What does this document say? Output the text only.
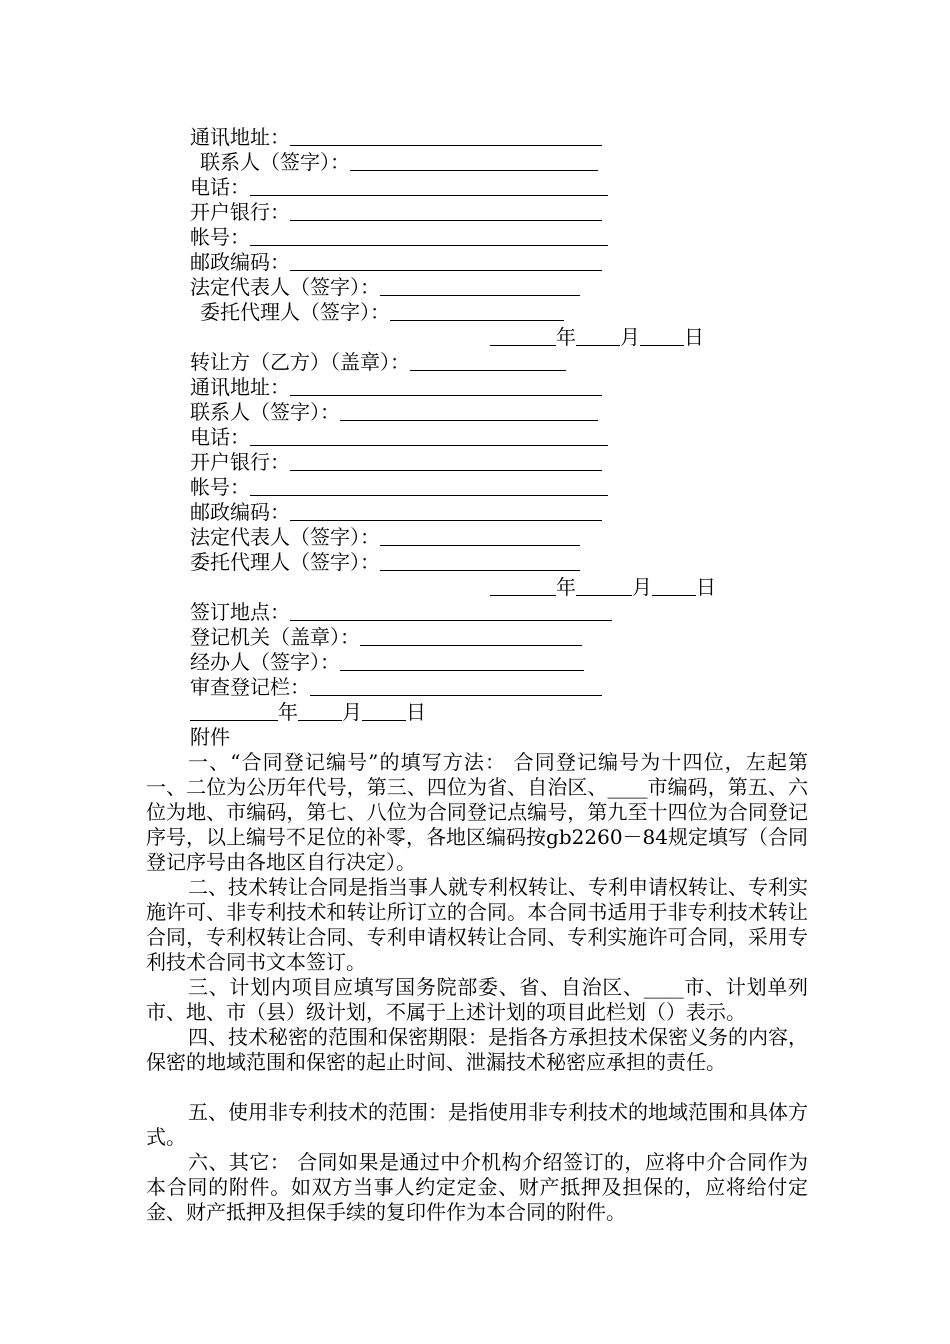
通讯地址：
联系人（签字）：
电话：
开户银行：
帐号：
邮政编码：
法定代表人（签字）：
委托代理人（签字）：
年 月 日
转让方（乙方）（盖章）：
通讯地址：
联系人（签字）：
电话：
开户银行：
帐号：
邮政编码：
法定代表人（签字）：
委托代理人（签字）：
年	月 日
签订地点：
登记机关（盖章）：
经办人（签字）：
审查登记栏：
年 月 日
附件
一、“合同登记编号”的填写方法： 合同登记编号为十四位，左起第一、二位为公历年代号，第三、四位为省、自治区、____市编码，第五、六位为地、市编码，第七、八位为合同登记点编号，第九至十四位为合同登记序号，以上编号不足位的补零，各地区编码按gb2260－84规定填写（合同登记序号由各地区自行决定）。
二、技术转让合同是指当事人就专利权转让、专利申请权转让、专利实施许可、非专利技术和转让所订立的合同。本合同书适用于非专利技术转让合同，专利权转让合同、专利申请权转让合同、专利实施许可合同，采用专利技术合同书文本签订。
三、计划内项目应填写国务院部委、省、自治区、____市、计划单列市、地、市（县）级计划，不属于上述计划的项目此栏划（）表示。
四、技术秘密的范围和保密期限：是指各方承担技术保密义务的内容，保密的地域范围和保密的起止时间、泄漏技术秘密应承担的责任。
五、使用非专利技术的范围：是指使用非专利技术的地域范围和具体方式。
六、其它： 合同如果是通过中介机构介绍签订的，应将中介合同作为本合同的附件。如双方当事人约定定金、财产抵押及担保的，应将给付定金、财产抵押及担保手续的复印件作为本合同的附件。
